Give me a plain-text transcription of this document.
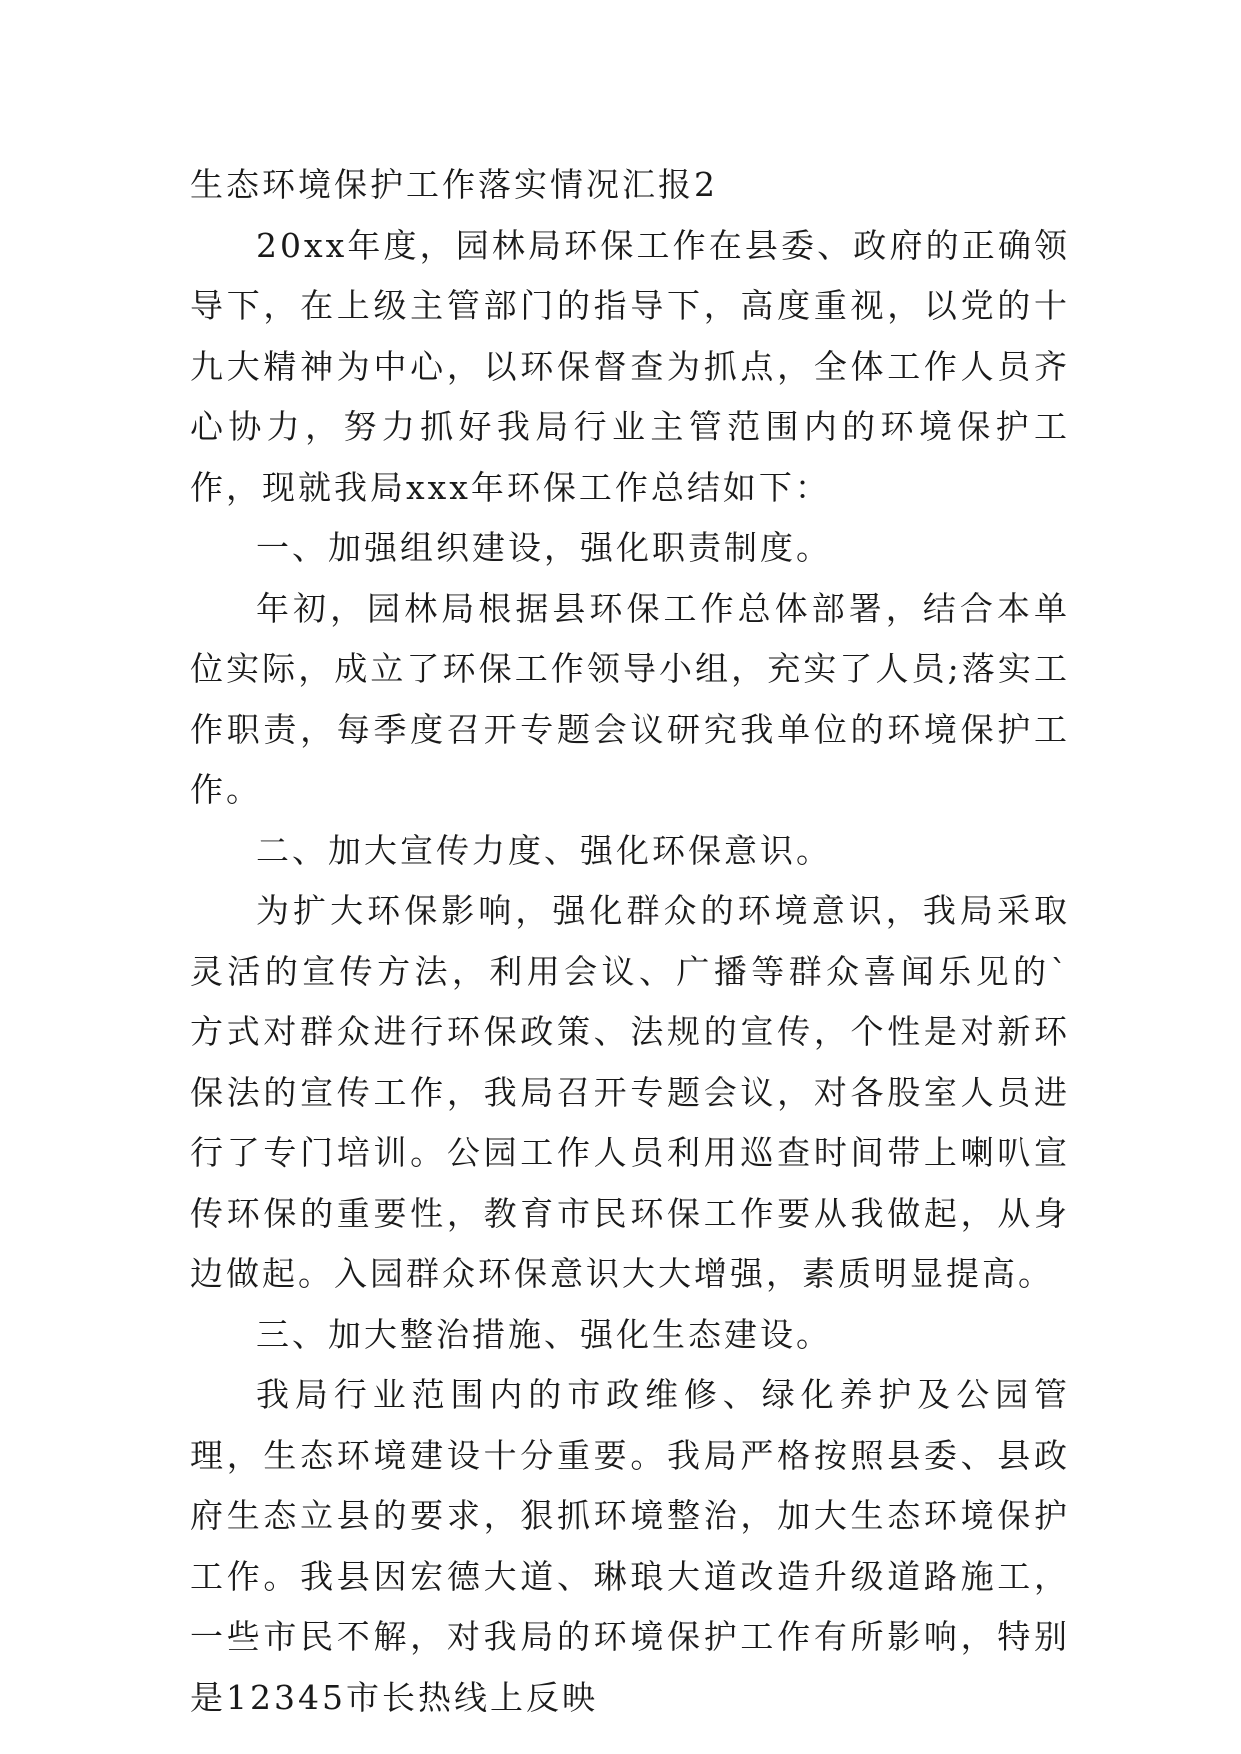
生态环境保护工作落实情况汇报2

20xx年度，园林局环保工作在县委、政府的正确领导下，在上级主管部门的指导下，高度重视，以党的十九大精神为中心，以环保督查为抓点，全体工作人员齐心协力，努力抓好我局行业主管范围内的环境保护工作，现就我局xxx年环保工作总结如下：

一、加强组织建设，强化职责制度。

年初，园林局根据县环保工作总体部署，结合本单位实际，成立了环保工作领导小组，充实了人员;落实工作职责，每季度召开专题会议研究我单位的环境保护工作。

二、加大宣传力度、强化环保意识。

为扩大环保影响，强化群众的环境意识，我局采取灵活的宣传方法，利用会议、广播等群众喜闻乐见的`方式对群众进行环保政策、法规的宣传，个性是对新环保法的宣传工作，我局召开专题会议，对各股室人员进行了专门培训。公园工作人员利用巡查时间带上喇叭宣传环保的重要性，教育市民环保工作要从我做起，从身边做起。入园群众环保意识大大增强，素质明显提高。

三、加大整治措施、强化生态建设。

我局行业范围内的市政维修、绿化养护及公园管理，生态环境建设十分重要。我局严格按照县委、县政府生态立县的要求，狠抓环境整治，加大生态环境保护工作。我县因宏德大道、琳琅大道改造升级道路施工，一些市民不解，对我局的环境保护工作有所影响，特别是12345市长热线上反映
